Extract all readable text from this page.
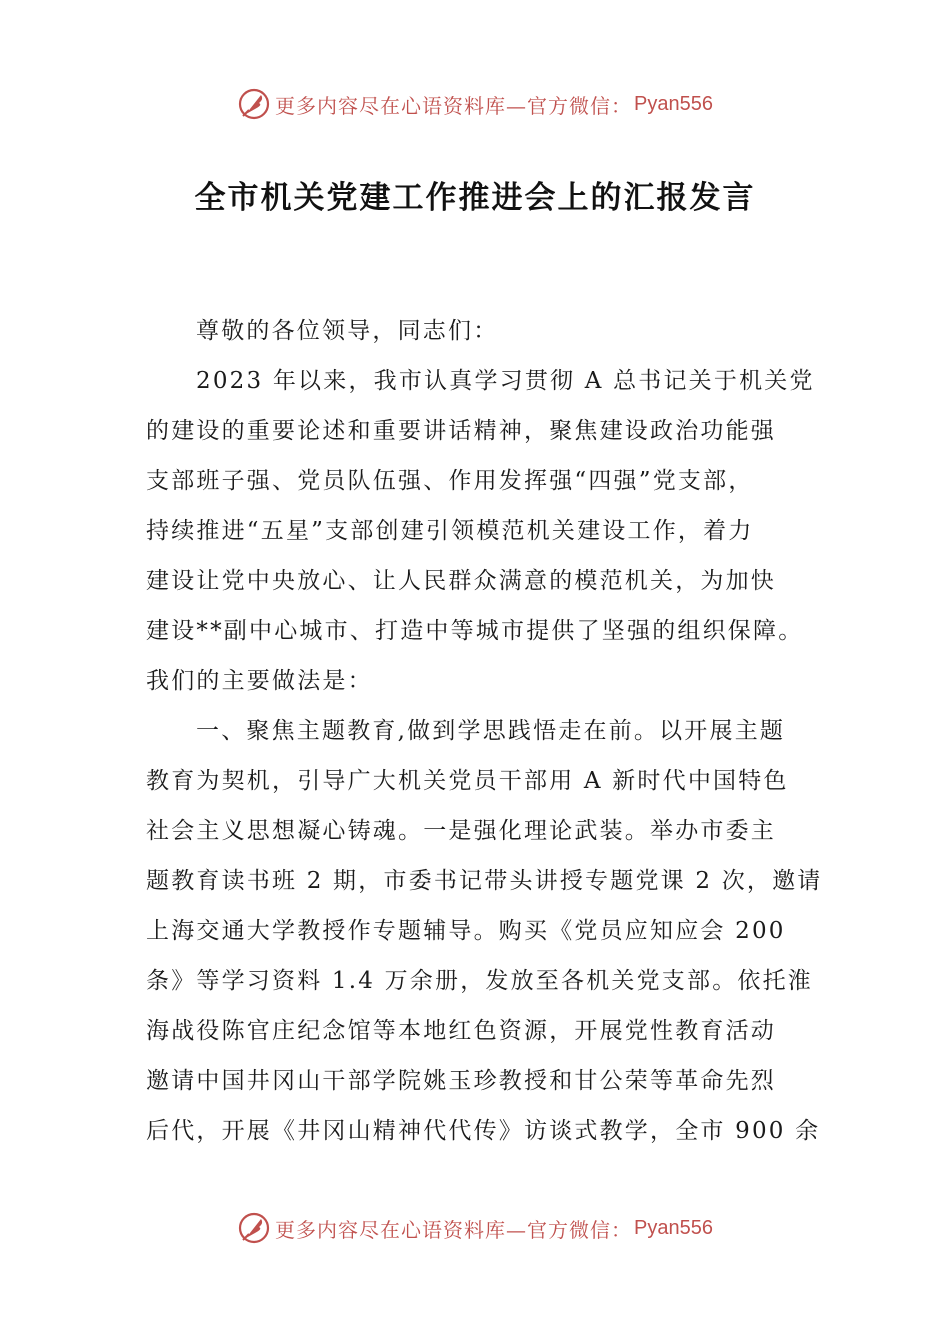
更多内容尽在心语资料库—官方微信： Pyan556
全市机关党建工作推进会上的汇报发言
尊敬的各位领导，同志们：
2023 年以来，我市认真学习贯彻 A 总书记关于机关党
的建设的重要论述和重要讲话精神，聚焦建设政治功能强
支部班子强、党员队伍强、作用发挥强“四强”党支部，
持续推进“五星”支部创建引领模范机关建设工作，着力
建设让党中央放心、让人民群众满意的模范机关，为加快
建设**副中心城市、打造中等城市提供了坚强的组织保障。
我们的主要做法是：
一、聚焦主题教育,做到学思践悟走在前。以开展主题
教育为契机，引导广大机关党员干部用 A 新时代中国特色
社会主义思想凝心铸魂。一是强化理论武装。举办市委主
题教育读书班 2 期，市委书记带头讲授专题党课 2 次，邀请
上海交通大学教授作专题辅导。购买《党员应知应会 200
条》等学习资料 1.4 万余册，发放至各机关党支部。依托淮
海战役陈官庄纪念馆等本地红色资源，开展党性教育活动
邀请中国井冈山干部学院姚玉珍教授和甘公荣等革命先烈
后代，开展《井冈山精神代代传》访谈式教学，全市 900 余
更多内容尽在心语资料库—官方微信： Pyan556
